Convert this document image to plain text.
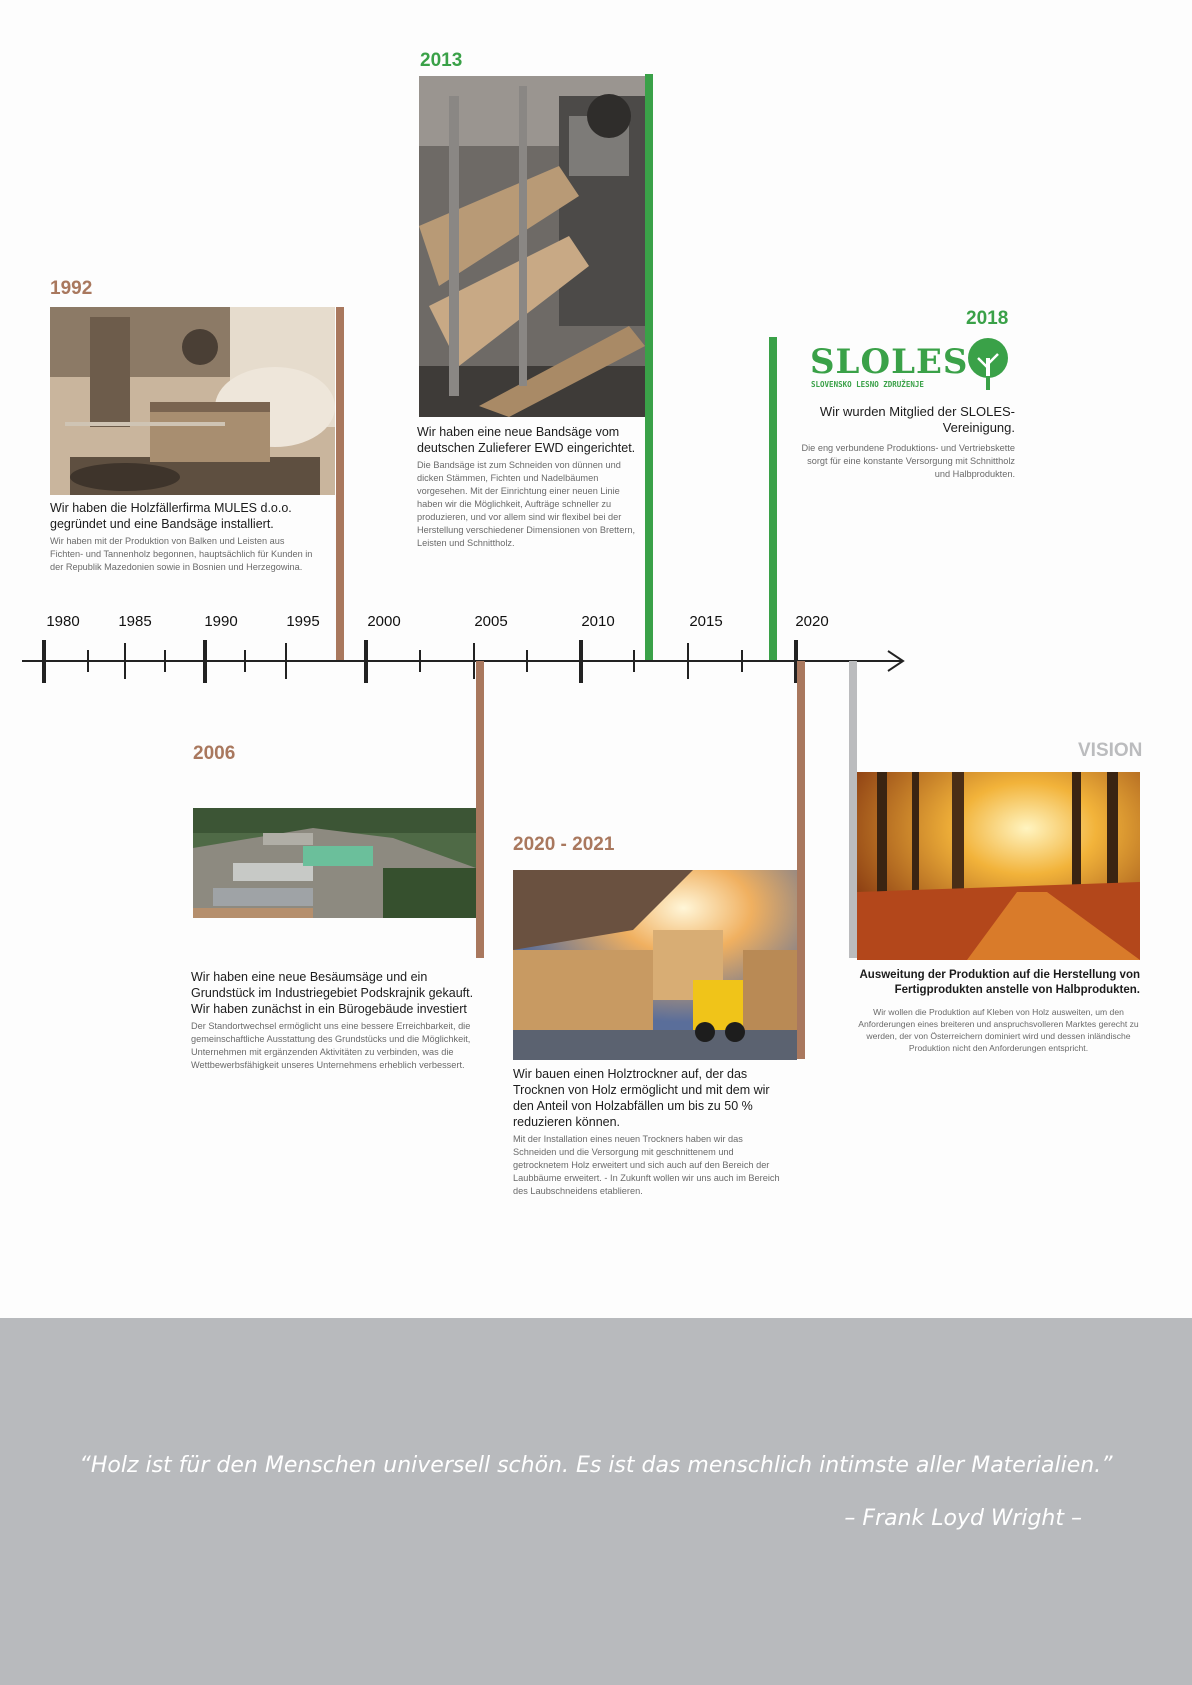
1992
Wir haben die Holzfällerfirma MULES d.o.o. gegründet und eine Bandsäge installiert.
Wir haben mit der Produktion von Balken und Leisten aus Fichten- und Tannenholz begonnen, hauptsächlich für Kunden in der Republik Mazedonien sowie in Bosnien und Herzegowina.
2013
Wir haben eine neue Bandsäge vom deutschen Zulieferer EWD eingerichtet.
Die Bandsäge ist zum Schneiden von dünnen und dicken Stämmen, Fichten und Nadelbäumen vorgesehen. Mit der Einrichtung einer neuen Linie haben wir die Möglichkeit, Aufträge schneller zu produzieren, und vor allem sind wir flexibel bei der Herstellung verschiedener Dimensionen von Brettern, Leisten und Schnittholz.
2018
SLOLES
SLOVENSKO LESNO ZDRUŽENJE
Wir wurden Mitglied der SLOLES-Vereinigung.
Die eng verbundene Produktions- und Vertriebskette sorgt für eine konstante Versorgung mit Schnittholz und Halbprodukten.
1980	1985	1990	1995	2000	2005	2010	2015	2020
2006
Wir haben eine neue Besäumsäge und ein Grundstück im Industriegebiet Podskrajnik gekauft. Wir haben zunächst in ein Bürogebäude investiert
Der Standortwechsel ermöglicht uns eine bessere Erreichbarkeit, die gemeinschaftliche Ausstattung des Grundstücks und die Möglichkeit, Unternehmen mit ergänzenden Aktivitäten zu verbinden, was die Wettbewerbsfähigkeit unseres Unternehmens erheblich verbessert.
2020 - 2021
Wir bauen einen Holztrockner auf, der das Trocknen von Holz ermöglicht und mit dem wir den Anteil von Holzabfällen um bis zu 50 % reduzieren können.
Mit der Installation eines neuen Trockners haben wir das Schneiden und die Versorgung mit geschnittenem und getrocknetem Holz erweitert und sich auch auf den Bereich der Laubbäume erweitert. - In Zukunft wollen wir uns auch im Bereich des Laubschneidens etablieren.
VISION
Ausweitung der Produktion auf die Herstellung von Fertigprodukten anstelle von Halbprodukten.
Wir wollen die Produktion auf Kleben von Holz ausweiten, um den Anforderungen eines breiteren und anspruchsvolleren Marktes gerecht zu werden, der von Österreichern dominiert wird und dessen inländische Produktion nicht den Anforderungen entspricht.
“Holz ist für den Menschen universell schön. Es ist das menschlich intimste aller Materialien.”
– Frank Loyd Wright –
